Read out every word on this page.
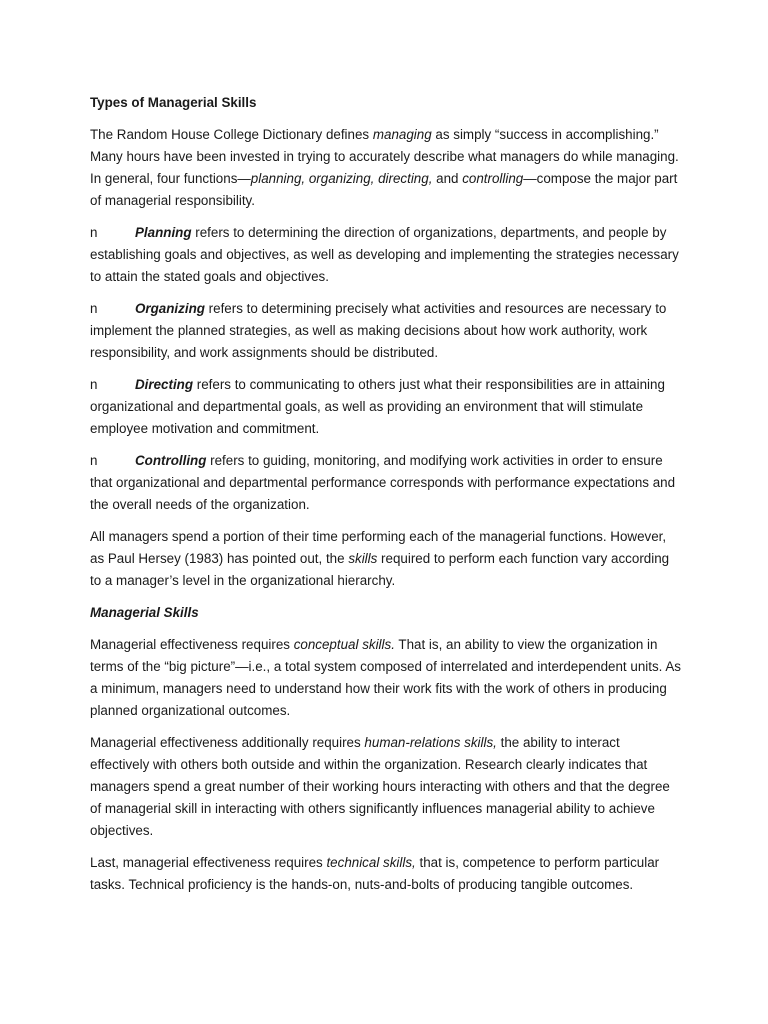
Types of Managerial Skills

The Random House College Dictionary defines managing as simply “success in accomplishing.” Many hours have been invested in trying to accurately describe what managers do while managing. In general, four functions—planning, organizing, directing, and controlling—compose the major part of managerial responsibility.

n	Planning refers to determining the direction of organizations, departments, and people by establishing goals and objectives, as well as developing and implementing the strategies necessary to attain the stated goals and objectives.

n	Organizing refers to determining precisely what activities and resources are necessary to implement the planned strategies, as well as making decisions about how work authority, work responsibility, and work assignments should be distributed.

n	Directing refers to communicating to others just what their responsibilities are in attaining organizational and departmental goals, as well as providing an environment that will stimulate employee motivation and commitment.

n	Controlling refers to guiding, monitoring, and modifying work activities in order to ensure that organizational and departmental performance corresponds with performance expectations and the overall needs of the organization.

All managers spend a portion of their time performing each of the managerial functions. However, as Paul Hersey (1983) has pointed out, the skills required to perform each function vary according to a manager’s level in the organizational hierarchy.

Managerial Skills

Managerial effectiveness requires conceptual skills. That is, an ability to view the organization in terms of the “big picture”—i.e., a total system composed of interrelated and interdependent units. As a minimum, managers need to understand how their work fits with the work of others in producing planned organizational outcomes.

Managerial effectiveness additionally requires human-relations skills, the ability to interact effectively with others both outside and within the organization. Research clearly indicates that managers spend a great number of their working hours interacting with others and that the degree of managerial skill in interacting with others significantly influences managerial ability to achieve objectives.

Last, managerial effectiveness requires technical skills, that is, competence to perform particular tasks. Technical proficiency is the hands-on, nuts-and-bolts of producing tangible outcomes.
